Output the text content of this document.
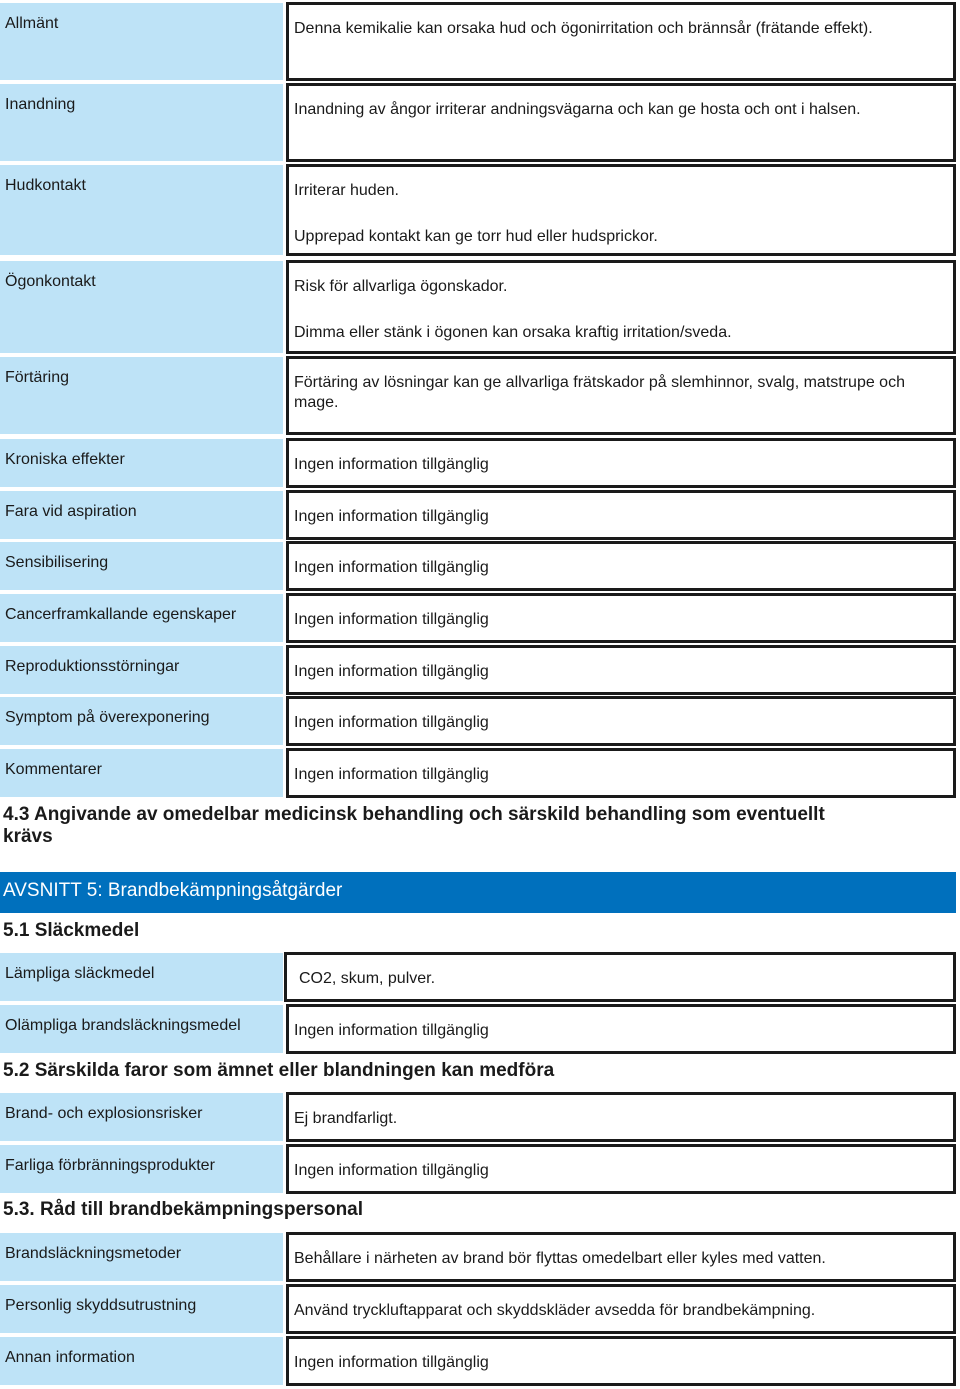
Allmänt	Denna kemikalie kan orsaka hud och ögonirritation och brännsår (frätande effekt).

Inandning	Inandning av ångor irriterar andningsvägarna och kan ge hosta och ont i halsen.

Hudkontakt	Irriterar huden.

Upprepad kontakt kan ge torr hud eller hudsprickor.

Ögonkontakt	Risk för allvarliga ögonskador.

Dimma eller stänk i ögonen kan orsaka kraftig irritation/sveda.

Förtäring	Förtäring av lösningar kan ge allvarliga frätskador på slemhinnor, svalg, matstrupe och mage.

Kroniska effekter	Ingen information tillgänglig

Fara vid aspiration	Ingen information tillgänglig

Sensibilisering	Ingen information tillgänglig

Cancerframkallande egenskaper	Ingen information tillgänglig

Reproduktionsstörningar	Ingen information tillgänglig

Symptom på överexponering	Ingen information tillgänglig

Kommentarer	Ingen information tillgänglig

4.3 Angivande av omedelbar medicinsk behandling och särskild behandling som eventuellt krävs
AVSNITT 5: Brandbekämpningsåtgärder
5.1 Släckmedel
Lämpliga släckmedel	CO2, skum, pulver.

Olämpliga brandsläckningsmedel	Ingen information tillgänglig

5.2 Särskilda faror som ämnet eller blandningen kan medföra
Brand- och explosionsrisker	Ej brandfarligt.

Farliga förbränningsprodukter	Ingen information tillgänglig

5.3. Råd till brandbekämpningspersonal
Brandsläckningsmetoder	Behållare i närheten av brand bör flyttas omedelbart eller kyles med vatten.

Personlig skyddsutrustning	Använd tryckluftapparat och skyddskläder avsedda för brandbekämpning.

Annan information	Ingen information tillgänglig
